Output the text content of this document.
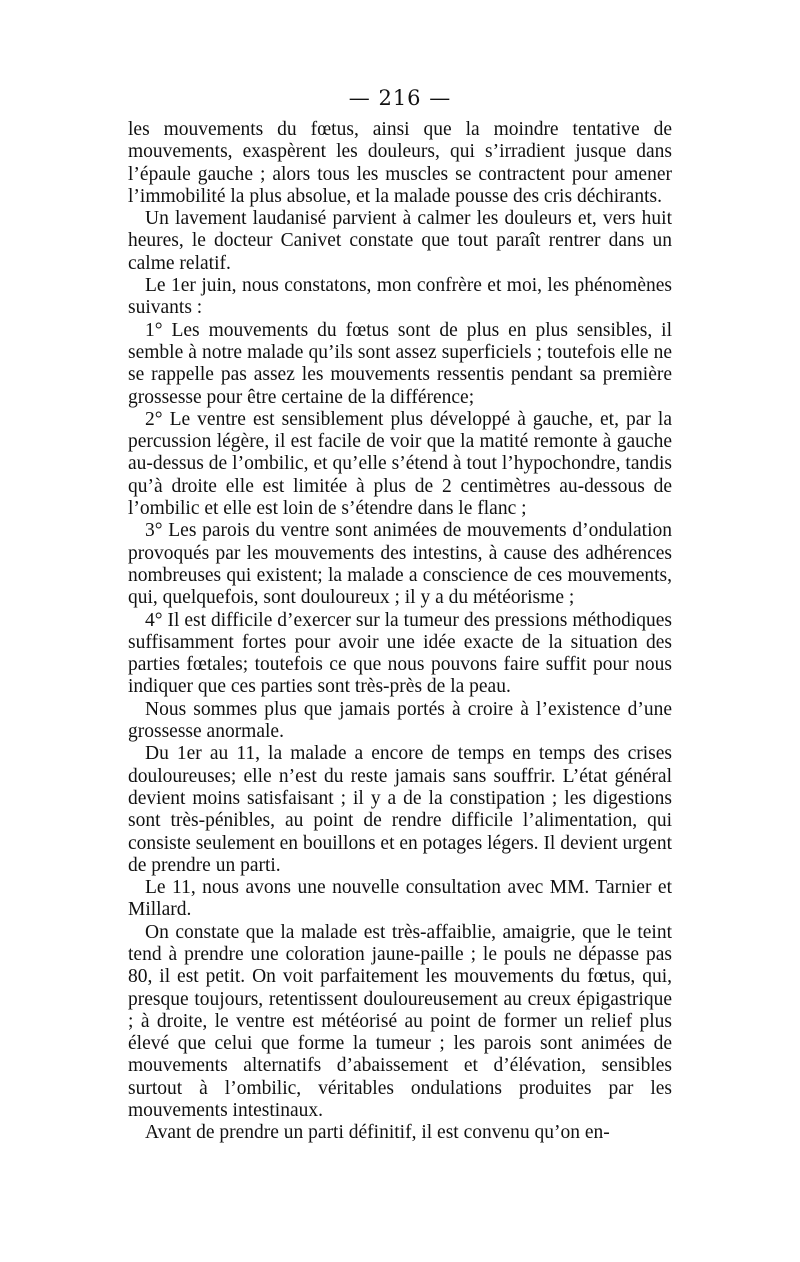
— 216 —

les mouvements du fœtus, ainsi que la moindre tentative de mouvements, exaspèrent les douleurs, qui s’irradient jusque dans l’épaule gauche ; alors tous les muscles se contractent pour amener l’immobilité la plus absolue, et la malade pousse des cris déchirants.

Un lavement laudanisé parvient à calmer les douleurs et, vers huit heures, le docteur Canivet constate que tout paraît rentrer dans un calme relatif.

Le 1er juin, nous constatons, mon confrère et moi, les phénomènes suivants :

1° Les mouvements du fœtus sont de plus en plus sensibles, il semble à notre malade qu’ils sont assez superficiels ; toutefois elle ne se rappelle pas assez les mouvements ressentis pendant sa première grossesse pour être certaine de la différence;

2° Le ventre est sensiblement plus développé à gauche, et, par la percussion légère, il est facile de voir que la matité remonte à gauche au-dessus de l’ombilic, et qu’elle s’étend à tout l’hypochondre, tandis qu’à droite elle est limitée à plus de 2 centimètres au-dessous de l’ombilic et elle est loin de s’étendre dans le flanc ;

3° Les parois du ventre sont animées de mouvements d’ondulation provoqués par les mouvements des intestins, à cause des adhérences nombreuses qui existent; la malade a conscience de ces mouvements, qui, quelquefois, sont douloureux ; il y a du météorisme ;

4° Il est difficile d’exercer sur la tumeur des pressions méthodiques suffisamment fortes pour avoir une idée exacte de la situation des parties fœtales; toutefois ce que nous pouvons faire suffit pour nous indiquer que ces parties sont très-près de la peau.

Nous sommes plus que jamais portés à croire à l’existence d’une grossesse anormale.

Du 1er au 11, la malade a encore de temps en temps des crises douloureuses; elle n’est du reste jamais sans souffrir. L’état général devient moins satisfaisant ; il y a de la constipation ; les digestions sont très-pénibles, au point de rendre difficile l’alimentation, qui consiste seulement en bouillons et en potages légers. Il devient urgent de prendre un parti.

Le 11, nous avons une nouvelle consultation avec MM. Tarnier et Millard.

On constate que la malade est très-affaiblie, amaigrie, que le teint tend à prendre une coloration jaune-paille ; le pouls ne dépasse pas 80, il est petit. On voit parfaitement les mouvements du fœtus, qui, presque toujours, retentissent douloureusement au creux épigastrique ; à droite, le ventre est météorisé au point de former un relief plus élevé que celui que forme la tumeur ; les parois sont animées de mouvements alternatifs d’abaissement et d’élévation, sensibles surtout à l’ombilic, véritables ondulations produites par les mouvements intestinaux.

Avant de prendre un parti définitif, il est convenu qu’on en-
